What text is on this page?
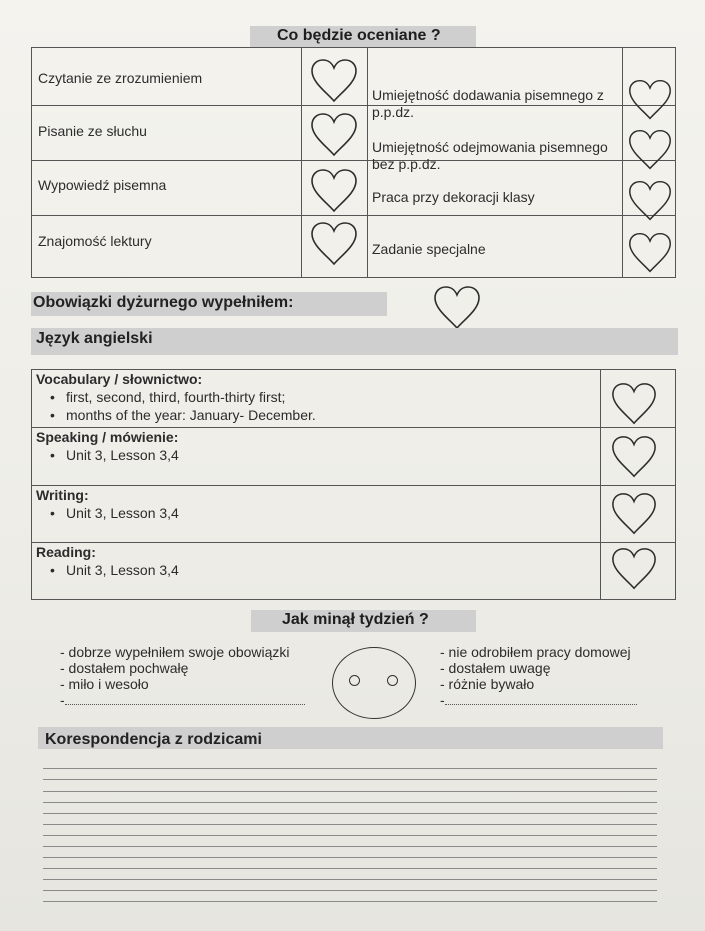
Co będzie oceniane ?
Czytanie ze zrozumieniem
Pisanie ze słuchu
Wypowiedź pisemna
Znajomość lektury
Umiejętność dodawania pisemnego z
p.p.dz.
Umiejętność odejmowania pisemnego
bez p.p.dz.
Praca przy dekoracji klasy
Zadanie specjalne
Obowiązki dyżurnego wypełniłem:
Język angielski
Vocabulary / słownictwo:
• first, second, third, fourth-thirty first;
• months of the year: January- December.
Speaking / mówienie:
• Unit 3, Lesson 3,4
Writing:
• Unit 3, Lesson 3,4
Reading:
• Unit 3, Lesson 3,4
Jak minął tydzień ?
- dobrze wypełniłem swoje obowiązki
- dostałem pochwałę
- miło i wesoło
-
- nie odrobiłem pracy domowej
- dostałem uwagę
- różnie bywało
-
Korespondencja z rodzicami
